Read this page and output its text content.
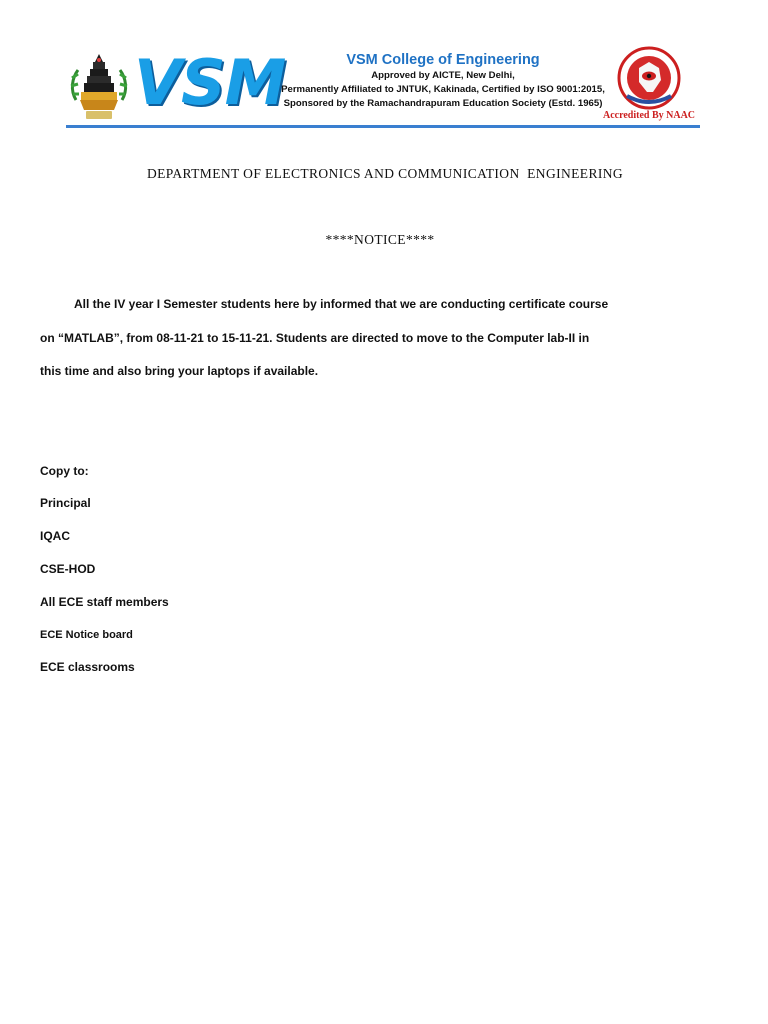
VSM	VSM College of Engineering
Approved by AICTE, New Delhi,
Permanently Affiliated to JNTUK, Kakinada, Certified by ISO 9001:2015,
Sponsored by the Ramachandrapuram Education Society (Estd. 1965)
Accredited By NAAC
DEPARTMENT OF ELECTRONICS AND COMMUNICATION  ENGINEERING
****NOTICE****
All the IV year I Semester students here by informed that we are conducting certificate course
on “MATLAB”, from 08-11-21 to 15-11-21. Students are directed to move to the Computer lab-II in
this time and also bring your laptops if available.
Copy to:
Principal
IQAC
CSE-HOD
All ECE staff members
ECE Notice board
ECE classrooms
